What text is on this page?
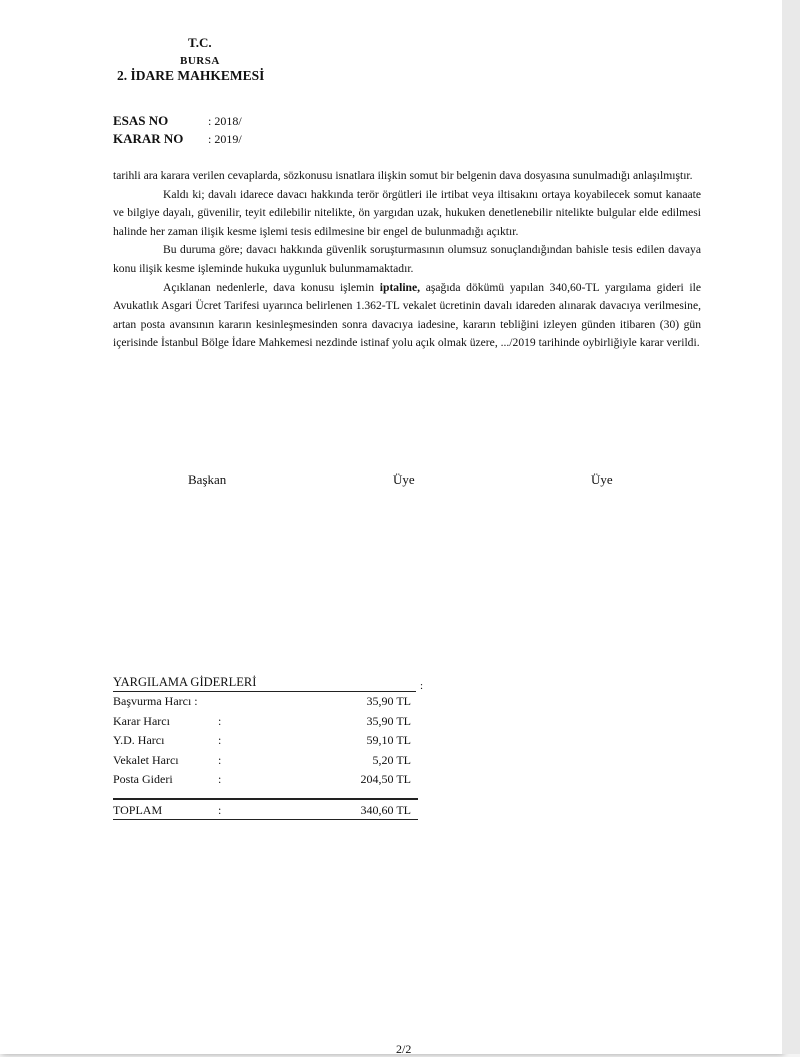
T.C.
BURSA
2. İDARE MAHKEMESİ
ESAS NO	: 2018/
KARAR NO : 2019/

tarihli ara karara verilen cevaplarda, sözkonusu isnatlara ilişkin somut bir belgenin dava dosyasına sunulmadığı anlaşılmıştır.

Kaldı ki; davalı idarece davacı hakkında terör örgütleri ile irtibat veya iltisakını ortaya koyabilecek somut kanaate ve bilgiye dayalı, güvenilir, teyit edilebilir nitelikte, ön yargıdan uzak, hukuken denetlenebilir nitelikte bulgular elde edilmesi halinde her zaman ilişik kesme işlemi tesis edilmesine bir engel de bulunmadığı açıktır.

Bu duruma göre; davacı hakkında güvenlik soruşturmasının olumsuz sonuçlandığından bahisle tesis edilen davaya konu ilişik kesme işleminde hukuka uygunluk bulunmamaktadır.

Açıklanan nedenlerle, dava konusu işlemin iptaline, aşağıda dökümü yapılan 340,60-TL yargılama gideri ile Avukatlık Asgari Ücret Tarifesi uyarınca belirlenen 1.362-TL vekalet ücretinin davalı idareden alınarak davacıya verilmesine, artan posta avansının kararın kesinleşmesinden sonra davacıya iadesine, kararın tebliğini izleyen günden itibaren (30) gün içerisinde İstanbul Bölge İdare Mahkemesi nezdinde istinaf yolu açık olmak üzere, .../2019 tarihinde oybirliğiyle karar verildi.

Başkan	Üye	Üye
YARGILAMA GİDERLERİ	:
Başvurma Harcı :	35,90 TL
Karar Harcı	:	35,90 TL
Y.D. Harcı	:	59,10 TL
Vekalet Harcı	:	5,20 TL
Posta Gideri	:	204,50 TL
TOPLAM	:	340,60 TL
2/2
